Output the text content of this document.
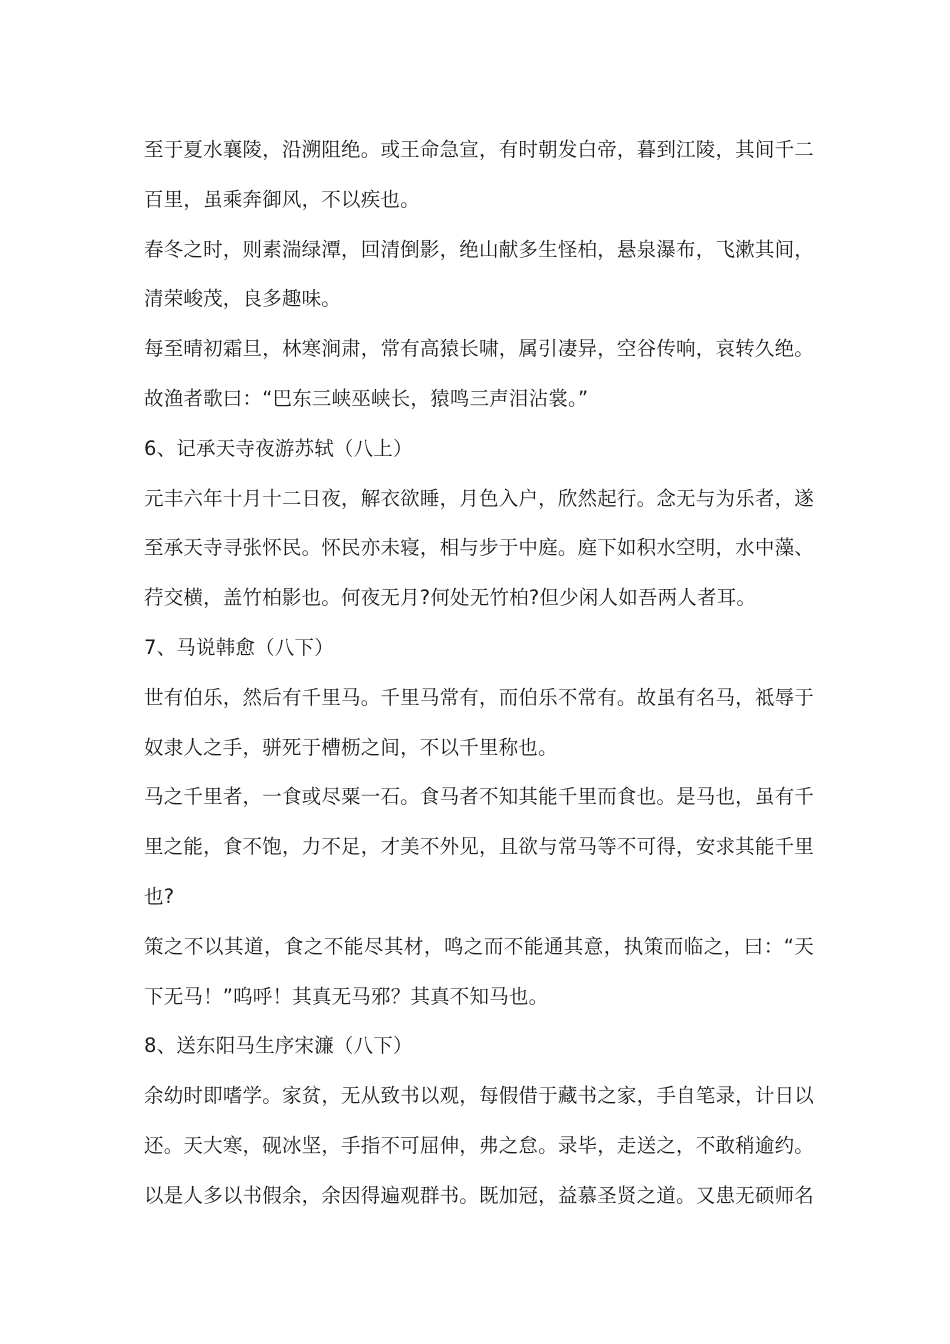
至于夏水襄陵，沿溯阻绝。或王命急宣，有时朝发白帝，暮到江陵，其间千二
百里，虽乘奔御风，不以疾也。
春冬之时，则素湍绿潭，回清倒影，绝山献多生怪柏，悬泉瀑布，飞漱其间，
清荣峻茂，良多趣味。
每至晴初霜旦，林寒涧肃，常有高猿长啸，属引凄异，空谷传响，哀转久绝。
故渔者歌曰：“巴东三峡巫峡长，猿鸣三声泪沾裳。”
6、记承天寺夜游苏轼（八上）
元丰六年十月十二日夜，解衣欲睡，月色入户，欣然起行。念无与为乐者，遂
至承天寺寻张怀民。怀民亦未寝，相与步于中庭。庭下如积水空明，水中藻、
荇交横，盖竹柏影也。何夜无月?何处无竹柏?但少闲人如吾两人者耳。
7、马说韩愈（八下）
世有伯乐，然后有千里马。千里马常有，而伯乐不常有。故虽有名马，祗辱于
奴隶人之手，骈死于槽枥之间，不以千里称也。
马之千里者，一食或尽粟一石。食马者不知其能千里而食也。是马也，虽有千
里之能，食不饱，力不足，才美不外见，且欲与常马等不可得，安求其能千里
也?
策之不以其道，食之不能尽其材，鸣之而不能通其意，执策而临之，曰：“天
下无马！”呜呼！其真无马邪？其真不知马也。
8、送东阳马生序宋濂（八下）
余幼时即嗜学。家贫，无从致书以观，每假借于藏书之家，手自笔录，计日以
还。天大寒，砚冰坚，手指不可屈伸，弗之怠。录毕，走送之，不敢稍逾约。
以是人多以书假余，余因得遍观群书。既加冠，益慕圣贤之道。又患无硕师名
